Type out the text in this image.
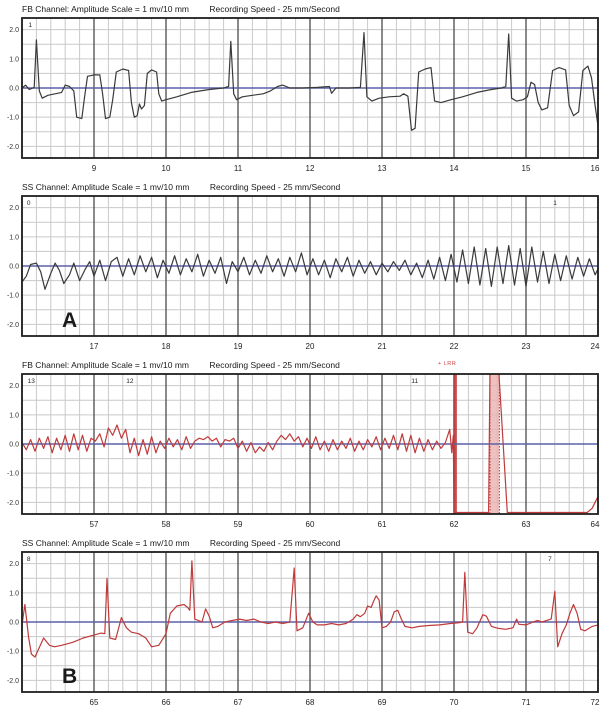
FB Channel: Amplitude Scale = 1 mv/10 mm Recording Speed - 25 mm/Second
1
2.0
1.0
0.0
-1.0
-2.0
9	10	11	12	13	14	15	16
SS Channel: Amplitude Scale = 1 mv/10 mm Recording Speed - 25 mm/Second
0	1
A
2.0
1.0
0.0
-1.0
-2.0
17	18	19	20	21	22	23	24
FB Channel: Amplitude Scale = 1 mv/10 mm Recording Speed - 25 mm/Second	+ LRR
13	12	11
2.0
1.0
0.0
-1.0
-2.0
57	58	59	60	61	62	63	64
SS Channel: Amplitude Scale = 1 mv/10 mm Recording Speed - 25 mm/Second
8	7
B
2.0
1.0
0.0
-1.0
-2.0
65	66	67	68	69	70	71	72
